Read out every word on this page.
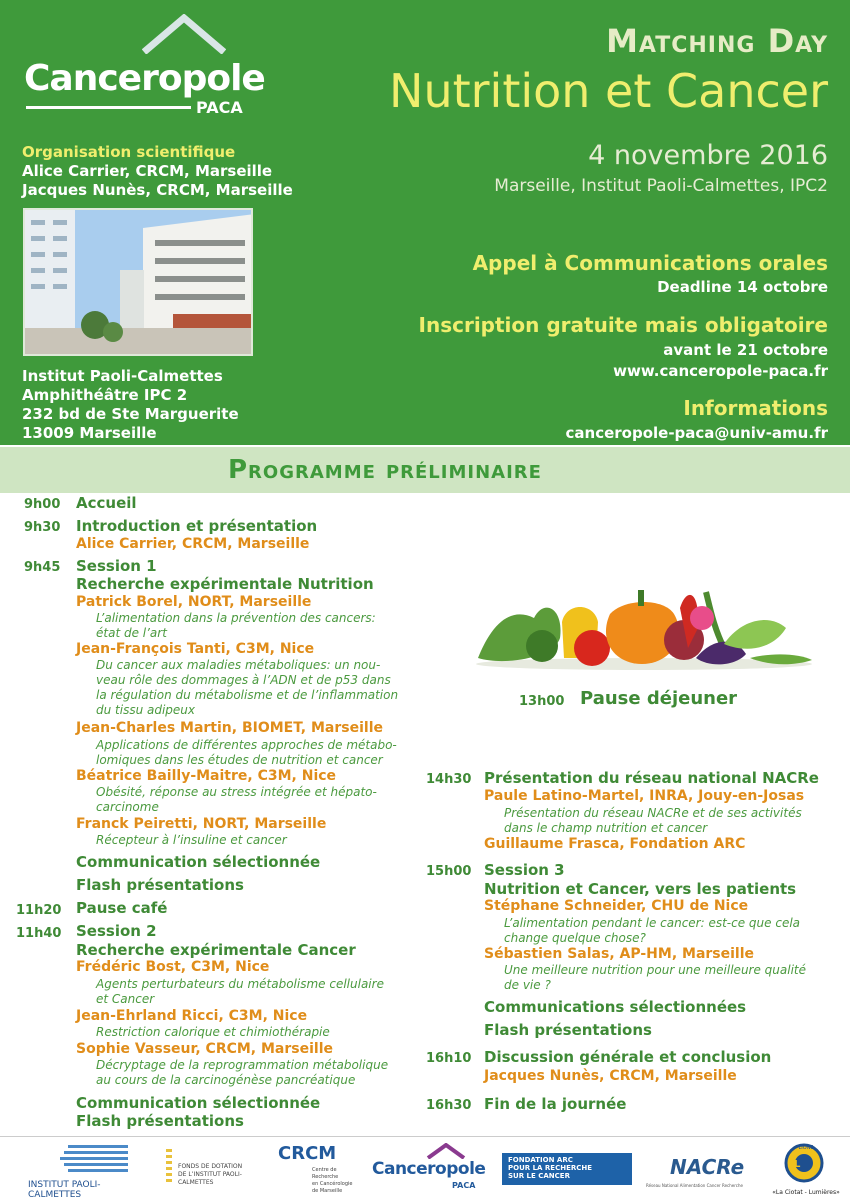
Canceropole
PACA
Matching Day
Nutrition et Cancer
4 novembre 2016
Marseille, Institut Paoli-Calmettes, IPC2
Organisation scientifique
Alice Carrier, CRCM, Marseille
Jacques Nunès, CRCM, Marseille
Institut Paoli-Calmettes
Amphithéâtre IPC 2
232 bd de Ste Marguerite
13009 Marseille
Appel à Communications orales
Deadline 14 octobre
Inscription gratuite mais obligatoire
avant le 21 octobre
www.canceropole-paca.fr
Informations
canceropole-paca@univ-amu.fr
Programme préliminaire
9h00 Accueil
9h30 Introduction et présentation
Alice Carrier, CRCM, Marseille
9h45 Session 1
Recherche expérimentale Nutrition
Patrick Borel, NORT, Marseille
L’alimentation dans la prévention des cancers:
état de l’art
Jean-François Tanti, C3M, Nice
Du cancer aux maladies métaboliques: un nou-
veau rôle des dommages à l’ADN et de p53 dans
la régulation du métabolisme et de l’inflammation
du tissu adipeux
Jean-Charles Martin, BIOMET, Marseille
Applications de différentes approches de métabo-
lomiques dans les études de nutrition et cancer
Béatrice Bailly-Maitre, C3M, Nice
Obésité, réponse au stress intégrée et hépato-
carcinome
Franck Peiretti, NORT, Marseille
Récepteur à l’insuline et cancer
Communication sélectionnée
Flash présentations
11h20 Pause café
11h40 Session 2
Recherche expérimentale Cancer
Frédéric Bost, C3M, Nice
Agents perturbateurs du métabolisme cellulaire
et Cancer
Jean-Ehrland Ricci, C3M, Nice
Restriction calorique et chimiothérapie
Sophie Vasseur, CRCM, Marseille
Décryptage de la reprogrammation métabolique
au cours de la carcinogénèse pancréatique
Communication sélectionnée
Flash présentations
13h00 Pause déjeuner
14h30 Présentation du réseau national NACRe
Paule Latino-Martel, INRA, Jouy-en-Josas
Présentation du réseau NACRe et de ses activités
dans le champ nutrition et cancer
Guillaume Frasca, Fondation ARC
15h00 Session 3
Nutrition et Cancer, vers les patients
Stéphane Schneider, CHU de Nice
L’alimentation pendant le cancer: est-ce que cela
change quelque chose?
Sébastien Salas, AP-HM, Marseille
Une meilleure nutrition pour une meilleure qualité
de vie ?
Communications sélectionnées
Flash présentations
16h10 Discussion générale et conclusion
Jacques Nunès, CRCM, Marseille
16h30 Fin de la journée
INSTITUT PAOLI-CALMETTES
FONDS DE DOTATION
DE L’INSTITUT PAOLI-CALMETTES
CRCM
Centre de Recherche
en Cancérologie de Marseille
Canceropole
PACA
FONDATION ARC
POUR LA RECHERCHE
SUR LE CANCER	NACRe
Réseau National Alimentation Cancer Recherche
L
LIONS
«La Ciotat - Lumières»
